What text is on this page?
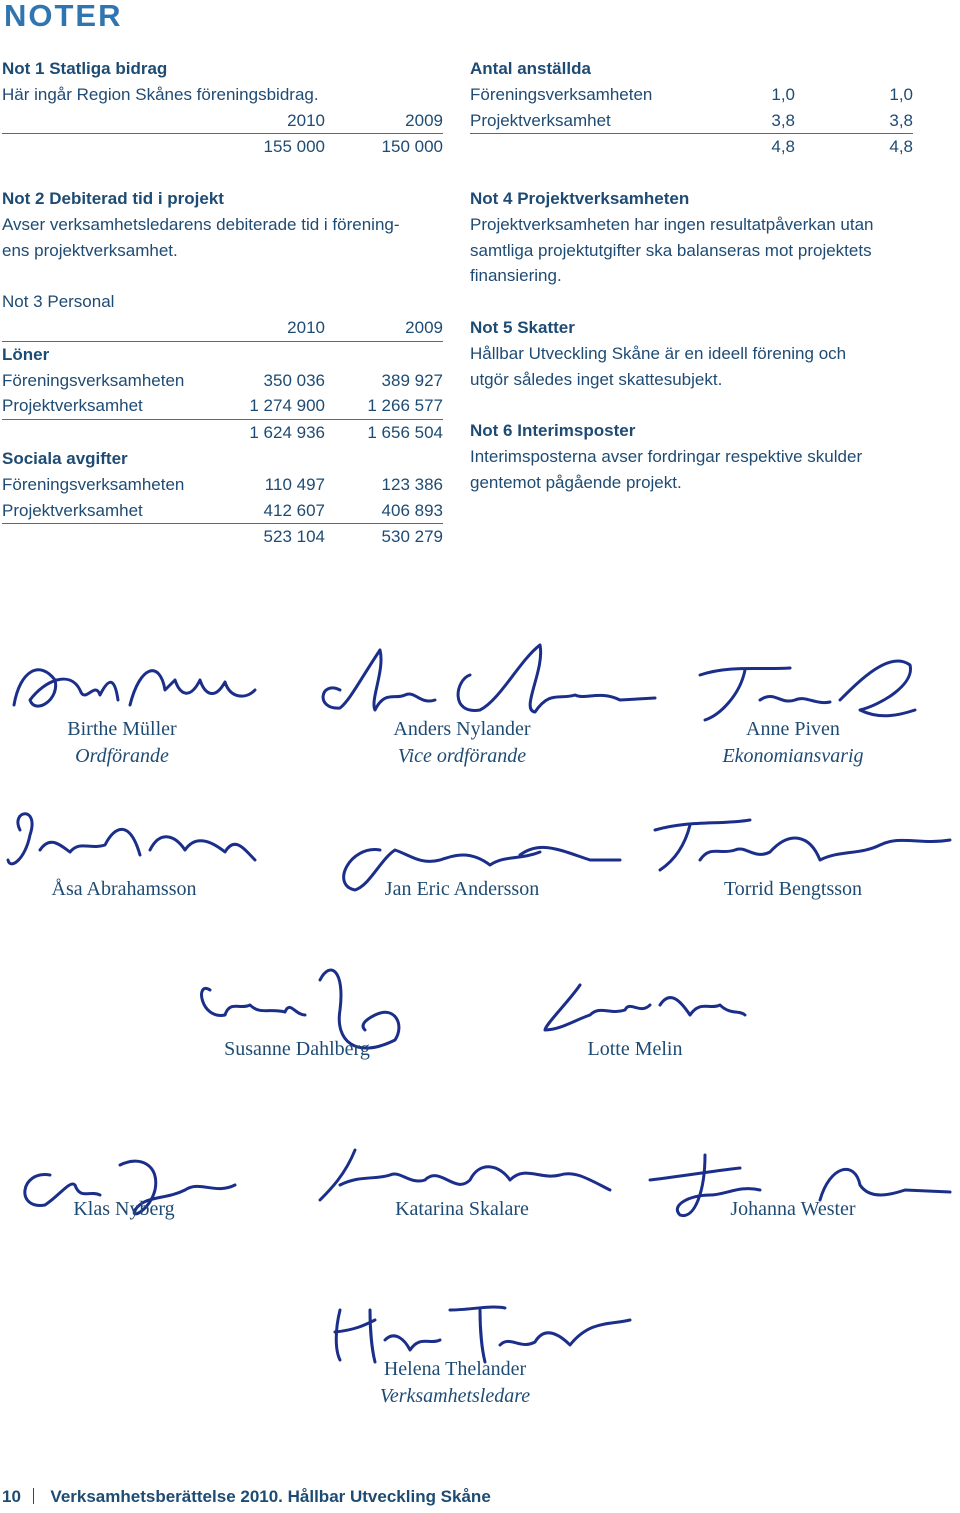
NOTER
Not 1 Statliga bidrag
Här ingår Region Skånes föreningsbidrag.
2010	2009
155 000	150 000
Not 2 Debiterad tid i projekt
Avser verksamhetsledarens debiterade tid i förening-
ens projektverksamhet.
Not 3 Personal
2010	2009
Löner
Föreningsverksamheten	350 036	389 927
Projektverksamhet	1 274 900	1 266 577
1 624 936	1 656 504
Sociala avgifter
Föreningsverksamheten	110 497	123 386
Projektverksamhet	412 607	406 893
523 104	530 279
Antal anställda
Föreningsverksamheten	1,0	1,0
Projektverksamhet	3,8	3,8
4,8	4,8
Not 4 Projektverksamheten
Projektverksamheten har ingen resultatpåverkan utan
samtliga projektutgifter ska balanseras mot projektets
finansiering.
Not 5 Skatter
Hållbar Utveckling Skåne är en ideell förening och
utgör således inget skattesubjekt.
Not 6 Interimsposter
Interimsposterna avser fordringar respektive skulder
gentemot pågående projekt.
Birthe Müller
Ordförande
Anders Nylander
Vice ordförande
Anne Piven
Ekonomiansvarig
Åsa Abrahamsson	Jan Eric Andersson	Torrid Bengtsson
Susanne Dahlberg	Lotte Melin
Klas Nyberg	Katarina Skalare	Johanna Wester
Helena Thelander
Verksamhetsledare
10 Verksamhetsberättelse 2010. Hållbar Utveckling Skåne
